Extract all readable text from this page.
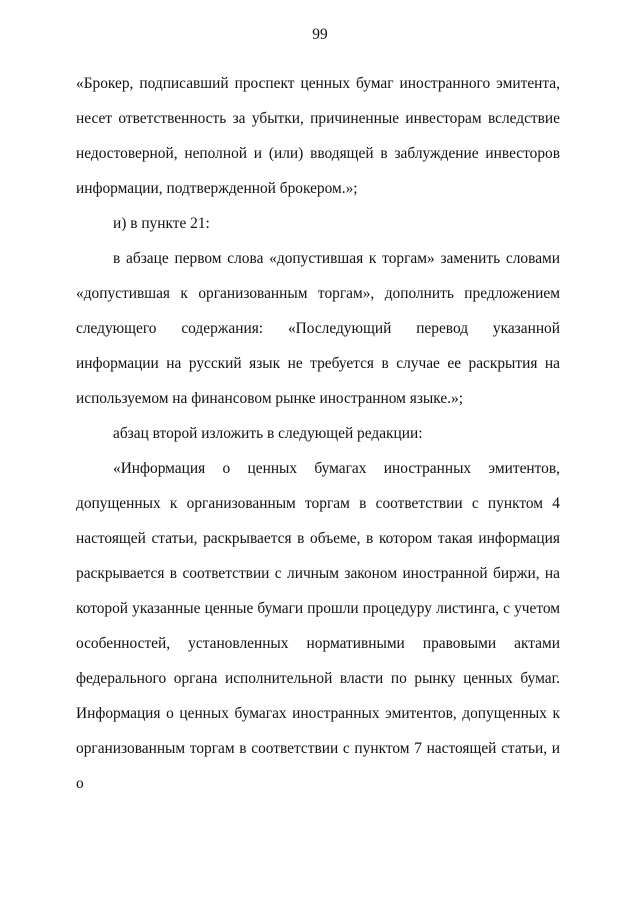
99

«Брокер, подписавший проспект ценных бумаг иностранного эмитента, несет ответственность за убытки, причиненные инвесторам вследствие недостоверной, неполной и (или) вводящей в заблуждение инвесторов информации, подтвержденной брокером.»;

и) в пункте 21:

в абзаце первом слова «допустившая к торгам» заменить словами «допустившая к организованным торгам», дополнить предложением следующего содержания: «Последующий перевод указанной информации на русский язык не требуется в случае ее раскрытия на используемом на финансовом рынке иностранном языке.»;

абзац второй изложить в следующей редакции:

«Информация о ценных бумагах иностранных эмитентов, допущенных к организованным торгам в соответствии с пунктом 4 настоящей статьи, раскрывается в объеме, в котором такая информация раскрывается в соответствии с личным законом иностранной биржи, на которой указанные ценные бумаги прошли процедуру листинга, с учетом особенностей, установленных нормативными правовыми актами федерального органа исполнительной власти по рынку ценных бумаг. Информация о ценных бумагах иностранных эмитентов, допущенных к организованным торгам в соответствии с пунктом 7 настоящей статьи, и о
